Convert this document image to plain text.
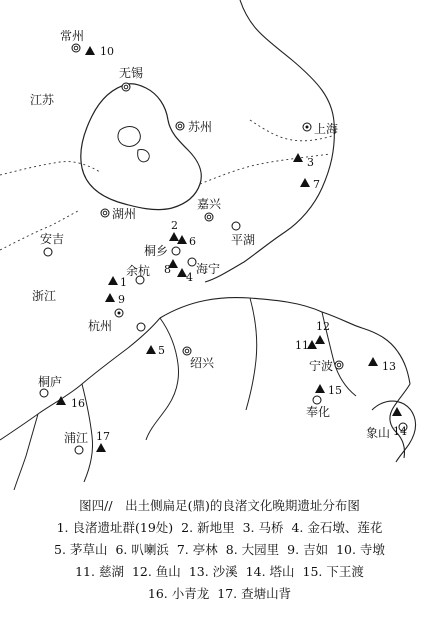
江苏
安吉
浙江
常州
无锡
苏州	上海
湖州
嘉兴
平湖
桐乡
余杭	海宁
杭州
绍兴	宁波
奉化
桐庐
浦江	象山
1
2
3
4
5
6
7
8
9
10
11
12
13
14
15
16
17
图四//　出土侧扁足(鼎)的良渚文化晚期遗址分布图
1. 良渚遗址群(19处) 2. 新地里 3. 马桥 4. 金石墩、莲花
5. 茅草山 6. 叭喇浜 7. 亭林 8. 大园里 9. 吉如 10. 寺墩
11. 慈湖 12. 鱼山 13. 沙溪 14. 塔山 15. 下王渡
16. 小青龙 17. 查塘山背
